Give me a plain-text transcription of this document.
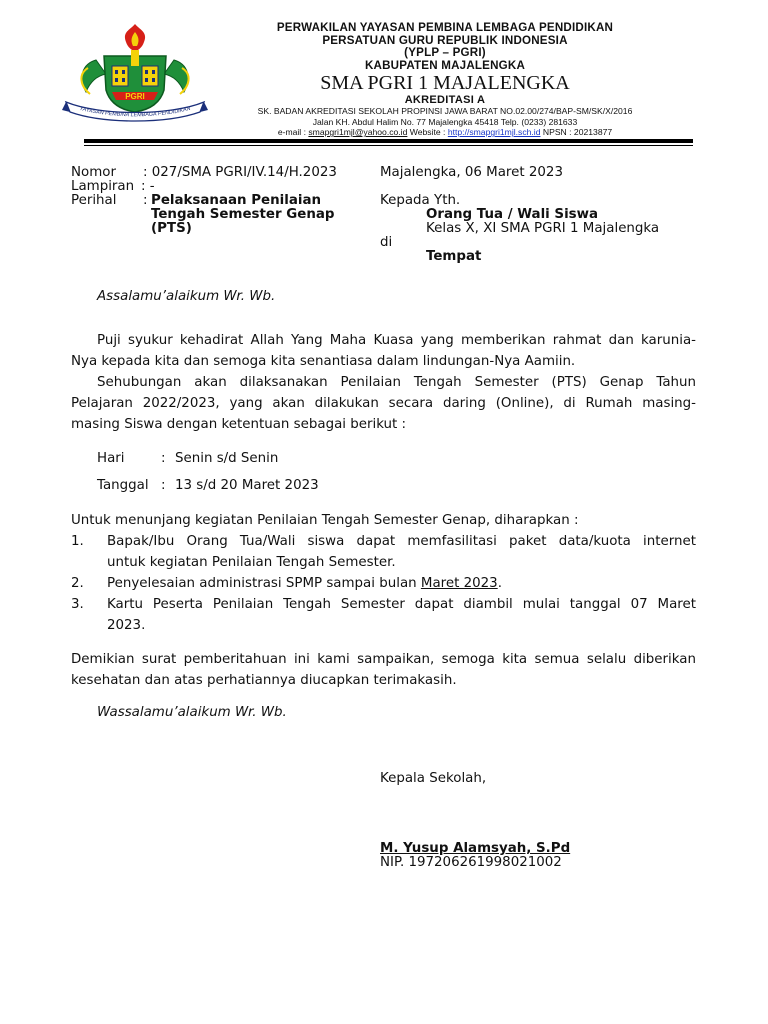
PGRI
YAYASAN PEMBINA LEMBAGA PENDIDIKAN
PERWAKILAN YAYASAN PEMBINA LEMBAGA PENDIDIKAN
PERSATUAN GURU REPUBLIK INDONESIA
(YPLP – PGRI)
KABUPATEN MAJALENGKA
SMA PGRI 1 MAJALENGKA
AKREDITASI A
SK. BADAN AKREDITASI SEKOLAH PROPINSI JAWA BARAT NO.02.00/274/BAP-SM/SK/X/2016
Jalan KH. Abdul Halim No. 77 Majalengka 45418 Telp. (0233) 281633
e-mail : smapgri1mjl@yahoo.co.id Website : http://smapgri1mjl.sch.id NPSN : 20213877
Nomor : 027/SMA PGRI/IV.14/H.2023
Lampiran : -
Perihal : Pelaksanaan Penilaian
Tengah Semester Genap
(PTS)
Majalengka, 06 Maret 2023
Kepada Yth.
Orang Tua / Wali Siswa
Kelas X, XI SMA PGRI 1 Majalengka
di
Tempat
Assalamu’alaikum Wr. Wb.
Puji syukur kehadirat Allah Yang Maha Kuasa yang memberikan rahmat dan karunia-
Nya kepada kita dan semoga kita senantiasa dalam lindungan-Nya Aamiin.
Sehubungan akan dilaksanakan Penilaian Tengah Semester (PTS) Genap Tahun
Pelajaran 2022/2023, yang akan dilakukan secara daring (Online), di Rumah masing-
masing Siswa dengan ketentuan sebagai berikut :
Hari	: Senin s/d Senin
Tanggal : 13 s/d 20 Maret 2023
Untuk menunjang kegiatan Penilaian Tengah Semester Genap, diharapkan :
1. Bapak/Ibu Orang Tua/Wali siswa dapat memfasilitasi paket data/kuota internet
untuk kegiatan Penilaian Tengah Semester.
2. Penyelesaian administrasi SPMP sampai bulan Maret 2023.
3. Kartu Peserta Penilaian Tengah Semester dapat diambil mulai tanggal 07 Maret
2023.
Demikian surat pemberitahuan ini kami sampaikan, semoga kita semua selalu diberikan
kesehatan dan atas perhatiannya diucapkan terimakasih.
Wassalamu’alaikum Wr. Wb.
Kepala Sekolah,
M. Yusup Alamsyah, S.Pd
NIP. 197206261998021002
